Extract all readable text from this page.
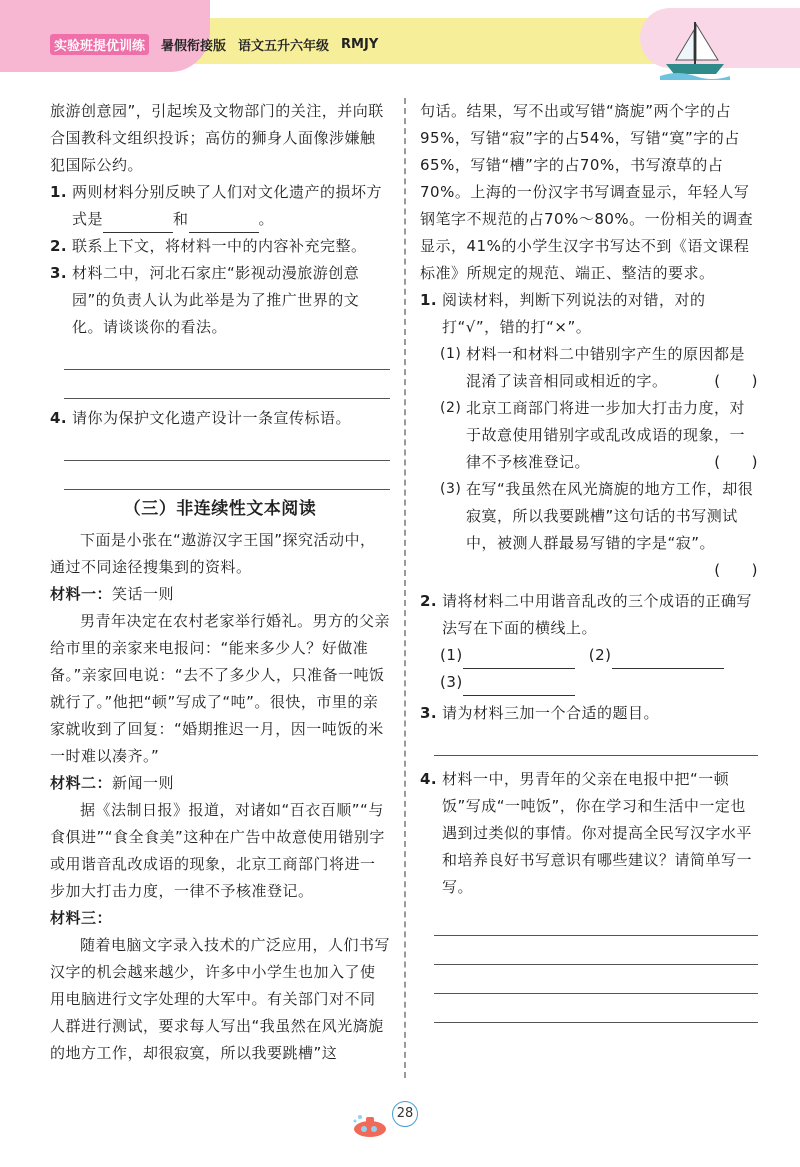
实验班提优训练	暑假衔接版 语文五升六年级 RMJY

旅游创意园”，引起埃及文物部门的关注，并向联合国教科文组织投诉；高仿的狮身人面像涉嫌触犯国际公约。

1. 两则材料分别反映了人们对文化遗产的损坏方式是	和	。
2. 联系上下文，将材料一中的内容补充完整。
3. 材料二中，河北石家庄“影视动漫旅游创意园”的负责人认为此举是为了推广世界的文化。请谈谈你的看法。
4. 请你为保护文化遗产设计一条宣传标语。
（三）非连续性文本阅读

下面是小张在“遨游汉字王国”探究活动中，通过不同途径搜集到的资料。

材料一：笑话一则

男青年决定在农村老家举行婚礼。男方的父亲给市里的亲家来电报问：“能来多少人？好做准备。”亲家回电说：“去不了多少人，只准备一吨饭就行了。”他把“顿”写成了“吨”。很快，市里的亲家就收到了回复：“婚期推迟一月，因一吨饭的米一时难以凑齐。”

材料二：新闻一则

据《法制日报》报道，对诸如“百衣百顺”“与食俱进”“食全食美”这种在广告中故意使用错别字或用谐音乱改成语的现象，北京工商部门将进一步加大打击力度，一律不予核准登记。

材料三：

随着电脑文字录入技术的广泛应用，人们书写汉字的机会越来越少，许多中小学生也加入了使用电脑进行文字处理的大军中。有关部门对不同人群进行测试，要求每人写出“我虽然在风光旖旎的地方工作，却很寂寞，所以我要跳槽”这

句话。结果，写不出或写错“旖旎”两个字的占95%，写错“寂”字的占54%，写错“寞”字的占65%，写错“槽”字的占70%，书写潦草的占70%。上海的一份汉字书写调查显示，年轻人写钢笔字不规范的占70%～80%。一份相关的调查显示，41%的小学生汉字书写达不到《语文课程标准》所规定的规范、端正、整洁的要求。

1. 阅读材料，判断下列说法的对错，对的打“√”，错的打“×”。
(1) 材料一和材料二中错别字产生的原因都是混淆了读音相同或相近的字。	(　　)
(2) 北京工商部门将进一步加大打击力度，对于故意使用错别字或乱改成语的现象，一律不予核准登记。	(　　)
(3) 在写“我虽然在风光旖旎的地方工作，却很寂寞，所以我要跳槽”这句话的书写测试中，被测人群最易写错的字是“寂”。

(　　)
2. 请将材料二中用谐音乱改的三个成语的正确写法写在下面的横线上。
(1)	(2)
(3)
3. 请为材料三加一个合适的题目。
4. 材料一中，男青年的父亲在电报中把“一顿饭”写成“一吨饭”，你在学习和生活中一定也遇到过类似的事情。你对提高全民写汉字水平和培养良好书写意识有哪些建议？请简单写一写。
28
